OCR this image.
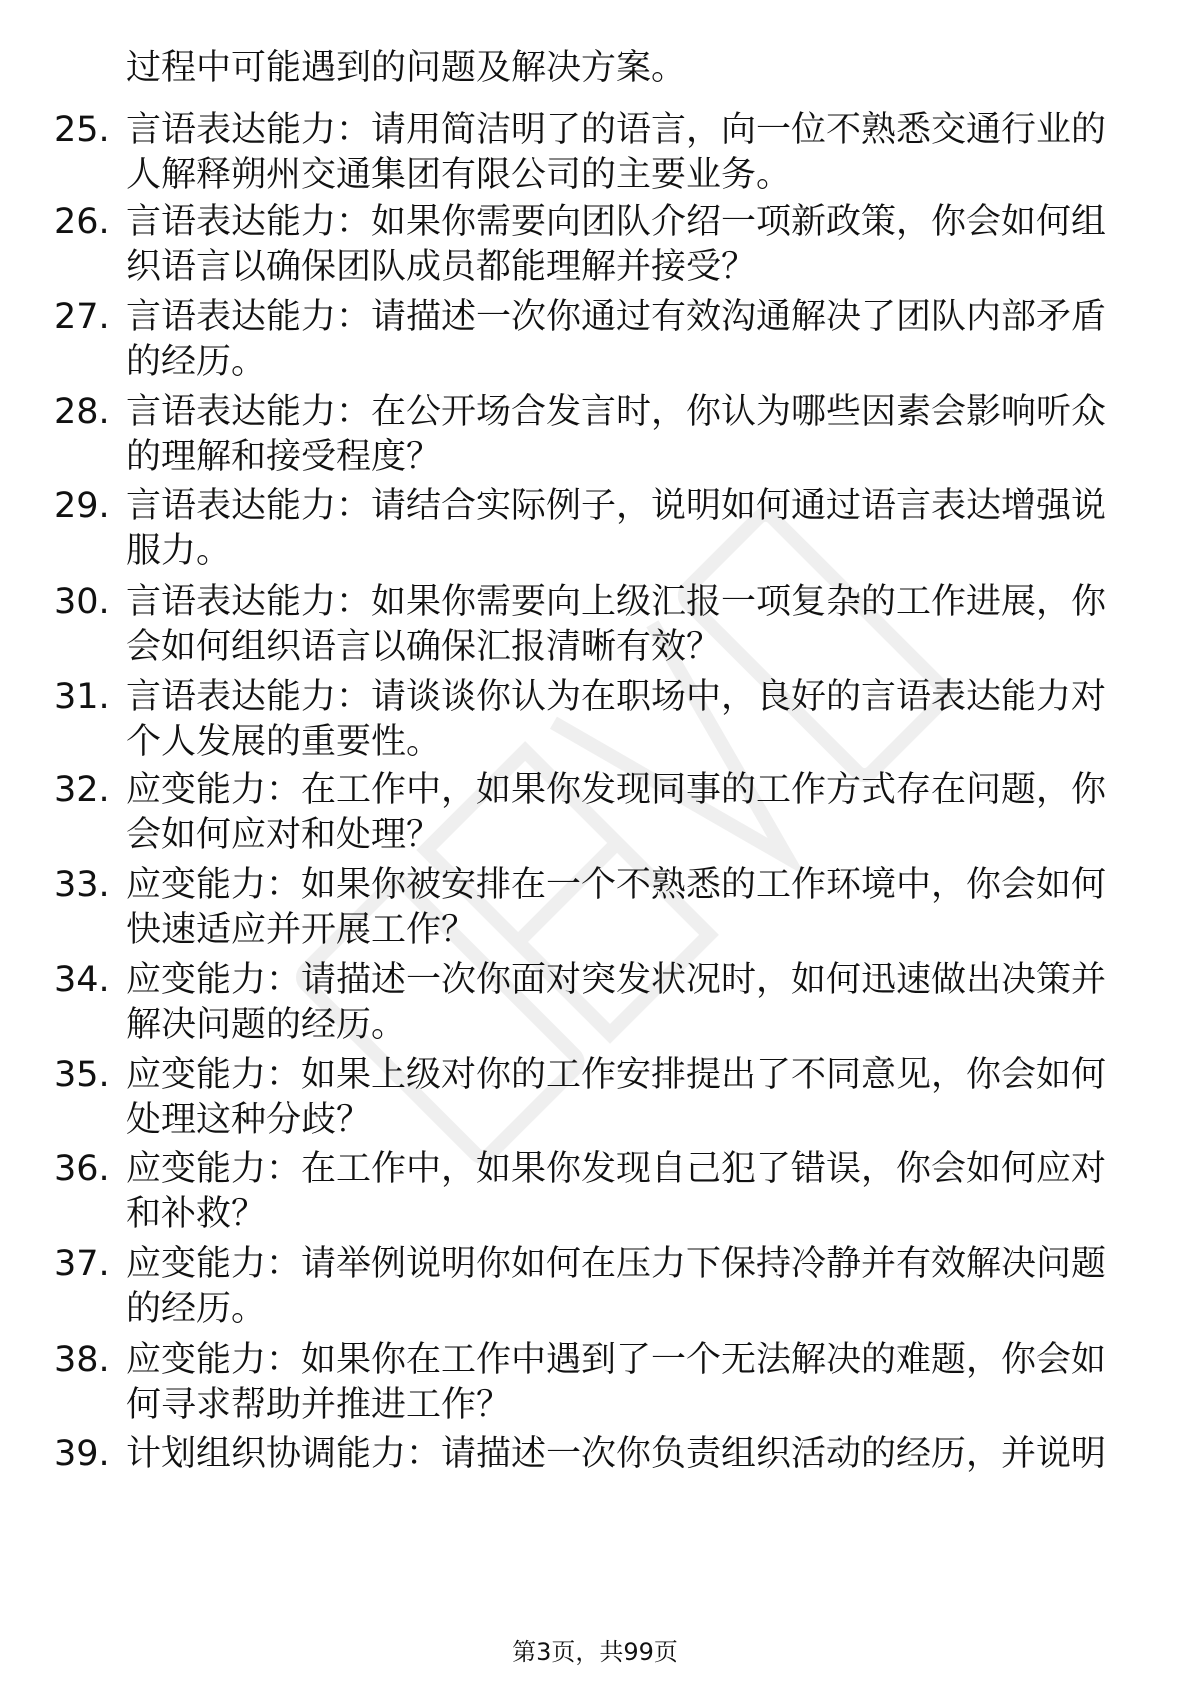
过程中可能遇到的问题及解决方案。
25. 言语表达能力：请用简洁明了的语言，向一位不熟悉交通行业的
人解释朔州交通集团有限公司的主要业务。
26. 言语表达能力：如果你需要向团队介绍一项新政策，你会如何组
织语言以确保团队成员都能理解并接受？
27. 言语表达能力：请描述一次你通过有效沟通解决了团队内部矛盾
的经历。
28. 言语表达能力：在公开场合发言时，你认为哪些因素会影响听众
的理解和接受程度？
29. 言语表达能力：请结合实际例子，说明如何通过语言表达增强说
服力。
30. 言语表达能力：如果你需要向上级汇报一项复杂的工作进展，你
会如何组织语言以确保汇报清晰有效？
31. 言语表达能力：请谈谈你认为在职场中，良好的言语表达能力对
个人发展的重要性。
32. 应变能力：在工作中，如果你发现同事的工作方式存在问题，你
会如何应对和处理？
33. 应变能力：如果你被安排在一个不熟悉的工作环境中，你会如何
快速适应并开展工作？
34. 应变能力：请描述一次你面对突发状况时，如何迅速做出决策并
解决问题的经历。
35. 应变能力：如果上级对你的工作安排提出了不同意见，你会如何
处理这种分歧？
36. 应变能力：在工作中，如果你发现自己犯了错误，你会如何应对
和补救？
37. 应变能力：请举例说明你如何在压力下保持冷静并有效解决问题
的经历。
38. 应变能力：如果你在工作中遇到了一个无法解决的难题，你会如
何寻求帮助并推进工作？
39. 计划组织协调能力：请描述一次你负责组织活动的经历，并说明
第3页，共99页
